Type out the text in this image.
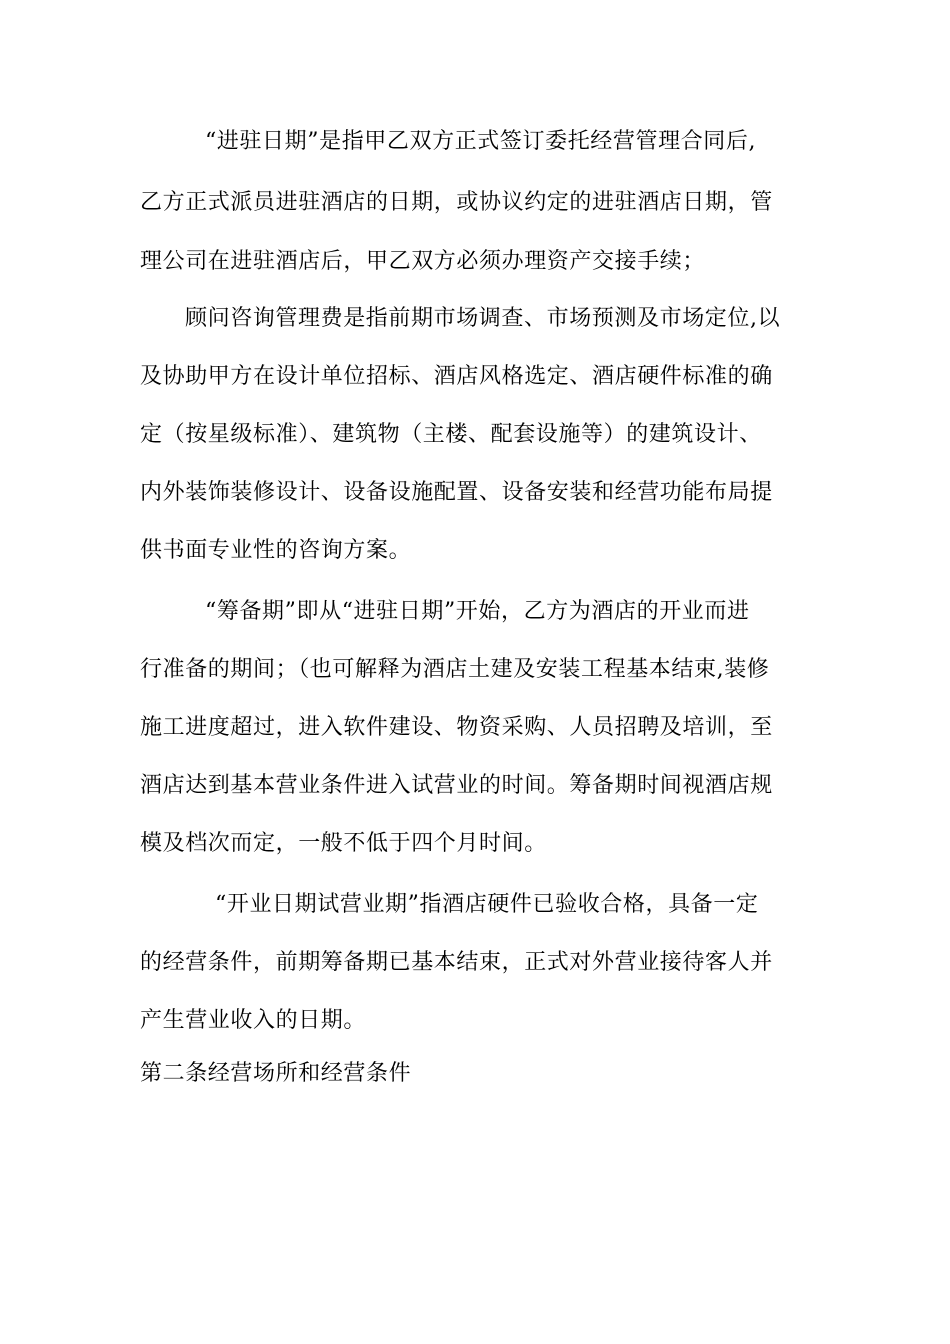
“进驻日期”是指甲乙双方正式签订委托经营管理合同后,
乙方正式派员进驻酒店的日期，或协议约定的进驻酒店日期，管
理公司在进驻酒店后，甲乙双方必须办理资产交接手续；
顾问咨询管理费是指前期市场调查、市场预测及市场定位,以
及协助甲方在设计单位招标、酒店风格选定、酒店硬件标准的确
定（按星级标准）、建筑物（主楼、配套设施等）的建筑设计、
内外装饰装修设计、设备设施配置、设备安装和经营功能布局提
供书面专业性的咨询方案。
“筹备期”即从“进驻日期”开始，乙方为酒店的开业而进
行准备的期间；（也可解释为酒店土建及安装工程基本结束,装修
施工进度超过，进入软件建设、物资采购、人员招聘及培训，至
酒店达到基本营业条件进入试营业的时间。筹备期时间视酒店规
模及档次而定，一般不低于四个月时间。
“开业日期试营业期”指酒店硬件已验收合格，具备一定
的经营条件，前期筹备期已基本结束，正式对外营业接待客人并
产生营业收入的日期。
第二条经营场所和经营条件
